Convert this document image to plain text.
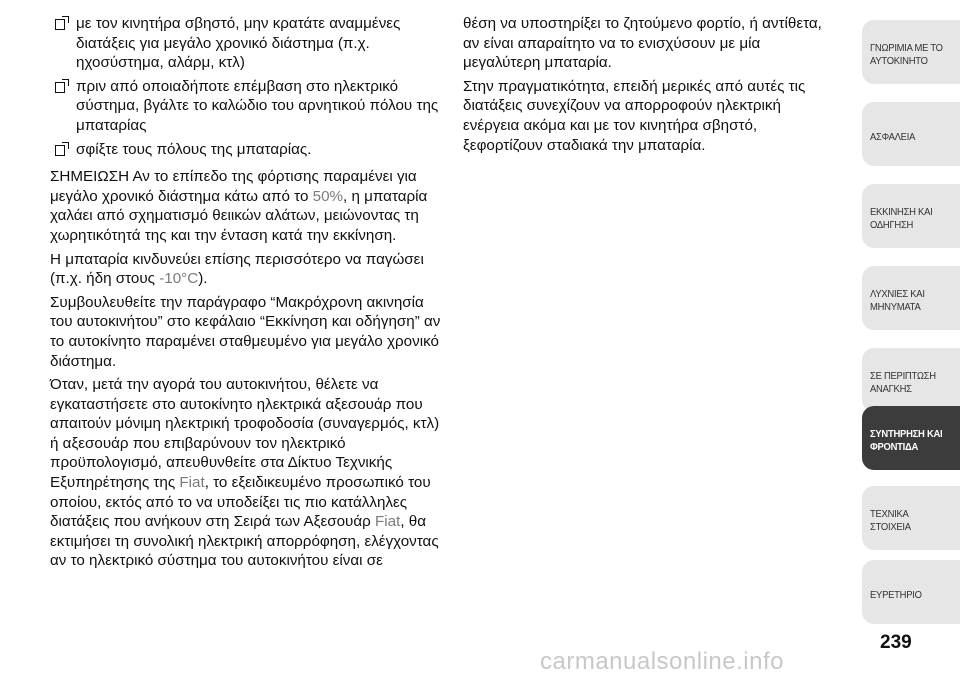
με τον κινητήρα σβηστό, μην κρατάτε αναμμένες διατάξεις για μεγάλο χρονικό διάστημα (π.χ. ηχοσύστημα, αλάρμ, κτλ)
πριν από οποιαδήποτε επέμβαση στο ηλεκτρικό σύστημα, βγάλτε το καλώδιο του αρνητικού πόλου της μπαταρίας
σφίξτε τους πόλους της μπαταρίας.

ΣΗΜΕΙΩΣΗ Αν το επίπεδο της φόρτισης παραμένει για μεγάλο χρονικό διάστημα κάτω από το 50%, η μπαταρία χαλάει από σχηματισμό θειικών αλάτων, μειώνοντας τη χωρητικότητά της και την ένταση κατά την εκκίνηση.

Η μπαταρία κινδυνεύει επίσης περισσότερο να παγώσει (π.χ. ήδη στους -10°C).

Συμβουλευθείτε την παράγραφο “Μακρόχρονη ακινησία του αυτοκινήτου” στο κεφάλαιο “Εκκίνηση και οδήγηση” αν το αυτοκίνητο παραμένει σταθμευμένο για μεγάλο χρονικό διάστημα.

Όταν, μετά την αγορά του αυτοκινήτου, θέλετε να εγκαταστήσετε στο αυτοκίνητο ηλεκτρικά αξεσουάρ που απαιτούν μόνιμη ηλεκτρική τροφοδοσία (συναγερμός, κτλ) ή αξεσουάρ που επιβαρύνουν τον ηλεκτρικό προϋπολογισμό, απευθυνθείτε στα Δίκτυο Τεχνικής Εξυπηρέτησης της Fiat, το εξειδικευμένο προσωπικό του οποίου, εκτός από το να υποδείξει τις πιο κατάλληλες διατάξεις που ανήκουν στη Σειρά των Αξεσουάρ Fiat, θα εκτιμήσει τη συνολική ηλεκτρική απορρόφηση, ελέγχοντας αν το ηλεκτρικό σύστημα του αυτοκινήτου είναι σε

θέση να υποστηρίξει το ζητούμενο φορτίο, ή αντίθετα, αν είναι απαραίτητο να το ενισχύσουν με μία μεγαλύτερη μπαταρία.

Στην πραγματικότητα, επειδή μερικές από αυτές τις διατάξεις συνεχίζουν να απορροφούν ηλεκτρική ενέργεια ακόμα και με τον κινητήρα σβηστό, ξεφορτίζουν σταδιακά την μπαταρία.

ΓΝΩΡΙΜΙΑ ΜΕ ΤΟ ΑΥΤΟΚΙΝΗΤΟ
ΑΣΦΑΛΕΙΑ
ΕΚΚΙΝΗΣΗ ΚΑΙ ΟΔΗΓΗΣΗ
ΛΥΧΝΙΕΣ ΚΑΙ ΜΗΝΥΜΑΤΑ
ΣΕ ΠΕΡΙΠΤΩΣΗ ΑΝΑΓΚΗΣ
ΣΥΝΤΗΡΗΣΗ ΚΑΙ ΦΡΟΝΤΙΔΑ
ΤΕΧΝΙΚΑ ΣΤΟΙΧΕΙΑ
ΕΥΡΕΤΗΡΙΟ
239
carmanualsonline.info
